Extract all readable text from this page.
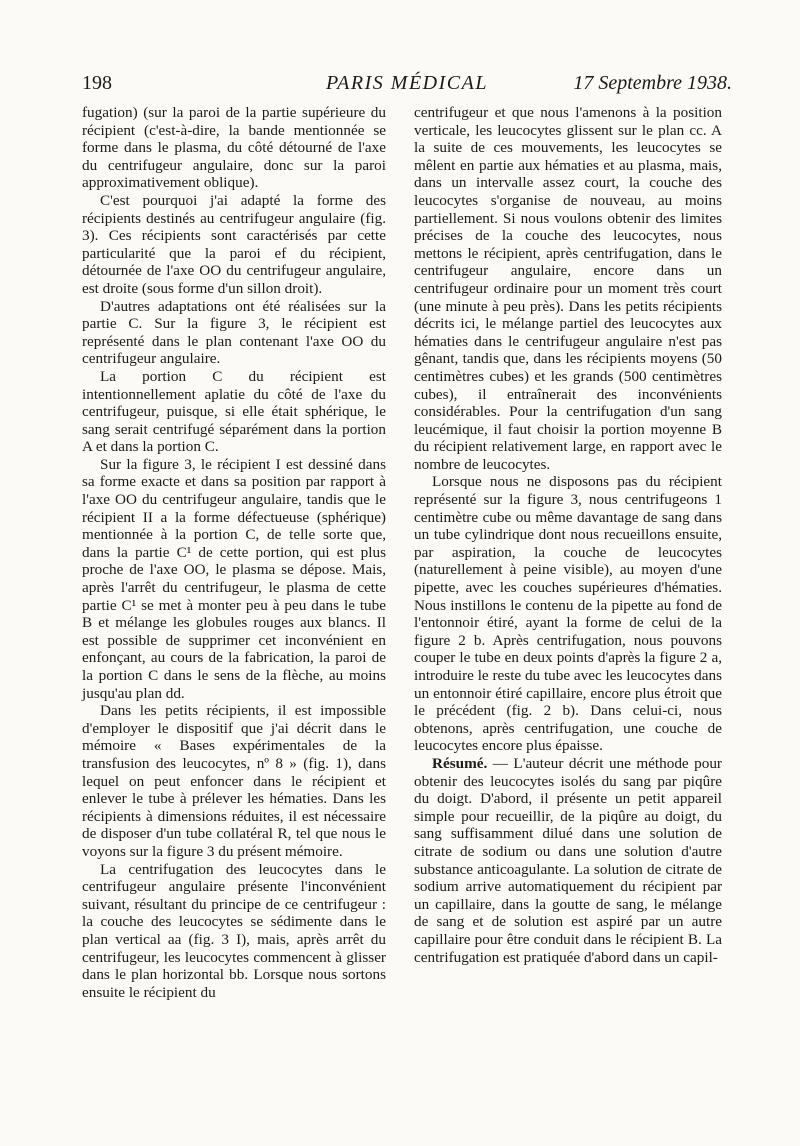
198	PARIS MÉDICAL	17 Septembre 1938.

fugation) (sur la paroi de la partie supérieure du récipient (c'est-à-dire, la bande mentionnée se forme dans le plasma, du côté détourné de l'axe du centrifugeur angulaire, donc sur la paroi approximativement oblique).

C'est pourquoi j'ai adapté la forme des récipients destinés au centrifugeur angulaire (fig. 3). Ces récipients sont caractérisés par cette particularité que la paroi ef du récipient, détournée de l'axe OO du centrifugeur angulaire, est droite (sous forme d'un sillon droit).

D'autres adaptations ont été réalisées sur la partie C. Sur la figure 3, le récipient est représenté dans le plan contenant l'axe OO du centrifugeur angulaire.

La portion C du récipient est intentionnellement aplatie du côté de l'axe du centrifugeur, puisque, si elle était sphérique, le sang serait centrifugé séparément dans la portion A et dans la portion C.

Sur la figure 3, le récipient I est dessiné dans sa forme exacte et dans sa position par rapport à l'axe OO du centrifugeur angulaire, tandis que le récipient II a la forme défectueuse (sphérique) mentionnée à la portion C, de telle sorte que, dans la partie C¹ de cette portion, qui est plus proche de l'axe OO, le plasma se dépose. Mais, après l'arrêt du centrifugeur, le plasma de cette partie C¹ se met à monter peu à peu dans le tube B et mélange les globules rouges aux blancs. Il est possible de supprimer cet inconvénient en enfonçant, au cours de la fabrication, la paroi de la portion C dans le sens de la flèche, au moins jusqu'au plan dd.

Dans les petits récipients, il est impossible d'employer le dispositif que j'ai décrit dans le mémoire « Bases expérimentales de la transfusion des leucocytes, nº 8 » (fig. 1), dans lequel on peut enfoncer dans le récipient et enlever le tube à prélever les hématies. Dans les récipients à dimensions réduites, il est nécessaire de disposer d'un tube collatéral R, tel que nous le voyons sur la figure 3 du présent mémoire.

La centrifugation des leucocytes dans le centrifugeur angulaire présente l'inconvénient suivant, résultant du principe de ce centrifugeur : la couche des leucocytes se sédimente dans le plan vertical aa (fig. 3 I), mais, après arrêt du centrifugeur, les leucocytes commencent à glisser dans le plan horizontal bb. Lorsque nous sortons ensuite le récipient du

centrifugeur et que nous l'amenons à la position verticale, les leucocytes glissent sur le plan cc. A la suite de ces mouvements, les leucocytes se mêlent en partie aux hématies et au plasma, mais, dans un intervalle assez court, la couche des leucocytes s'organise de nouveau, au moins partiellement. Si nous voulons obtenir des limites précises de la couche des leucocytes, nous mettons le récipient, après centrifugation, dans le centrifugeur angulaire, encore dans un centrifugeur ordinaire pour un moment très court (une minute à peu près). Dans les petits récipients décrits ici, le mélange partiel des leucocytes aux hématies dans le centrifugeur angulaire n'est pas gênant, tandis que, dans les récipients moyens (50 centimètres cubes) et les grands (500 centimètres cubes), il entraînerait des inconvénients considérables. Pour la centrifugation d'un sang leucémique, il faut choisir la portion moyenne B du récipient relativement large, en rapport avec le nombre de leucocytes.

Lorsque nous ne disposons pas du récipient représenté sur la figure 3, nous centrifugeons 1 centimètre cube ou même davantage de sang dans un tube cylindrique dont nous recueillons ensuite, par aspiration, la couche de leucocytes (naturellement à peine visible), au moyen d'une pipette, avec les couches supérieures d'hématies. Nous instillons le contenu de la pipette au fond de l'entonnoir étiré, ayant la forme de celui de la figure 2 b. Après centrifugation, nous pouvons couper le tube en deux points d'après la figure 2 a, introduire le reste du tube avec les leucocytes dans un entonnoir étiré capillaire, encore plus étroit que le précédent (fig. 2 b). Dans celui-ci, nous obtenons, après centrifugation, une couche de leucocytes encore plus épaisse.

Résumé. — L'auteur décrit une méthode pour obtenir des leucocytes isolés du sang par piqûre du doigt. D'abord, il présente un petit appareil simple pour recueillir, de la piqûre au doigt, du sang suffisamment dilué dans une solution de citrate de sodium ou dans une solution d'autre substance anticoagulante. La solution de citrate de sodium arrive automatiquement du récipient par un capillaire, dans la goutte de sang, le mélange de sang et de solution est aspiré par un autre capillaire pour être conduit dans le récipient B. La centrifugation est pratiquée d'abord dans un capil-
